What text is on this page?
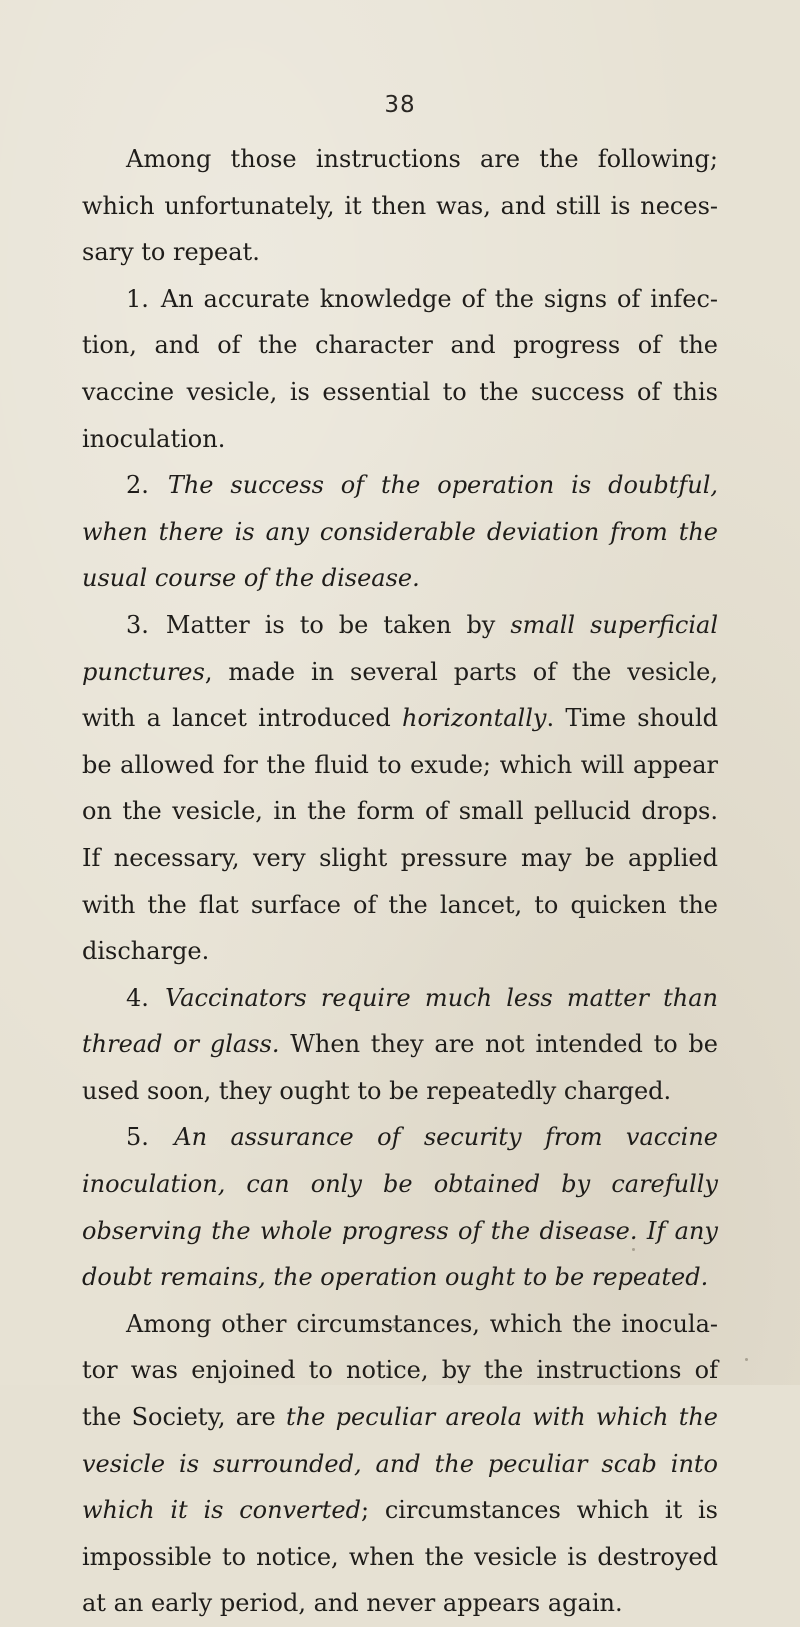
38

Among those instructions are the following; which unfortunately, it then was, and still is necessary to repeat.

1. An accurate knowledge of the signs of infection, and of the character and progress of the vaccine vesicle, is essential to the success of this inoculation.

2. The success of the operation is doubtful, when there is any considerable deviation from the usual course of the disease.

3. Matter is to be taken by small superficial punctures, made in several parts of the vesicle, with a lancet introduced horizontally. Time should be allowed for the fluid to exude; which will appear on the vesicle, in the form of small pellucid drops. If necessary, very slight pressure may be applied with the flat surface of the lancet, to quicken the discharge.

4. Vaccinators require much less matter than thread or glass. When they are not intended to be used soon, they ought to be repeatedly charged.

5. An assurance of security from vaccine inoculation, can only be obtained by carefully observing the whole progress of the disease. If any doubt remains, the operation ought to be repeated.

Among other circumstances, which the inoculator was enjoined to notice, by the instructions of the Society, are the peculiar areola with which the vesicle is surrounded, and the peculiar scab into which it is converted; circumstances which it is impossible to notice, when the vesicle is destroyed at an early period, and never appears again.
